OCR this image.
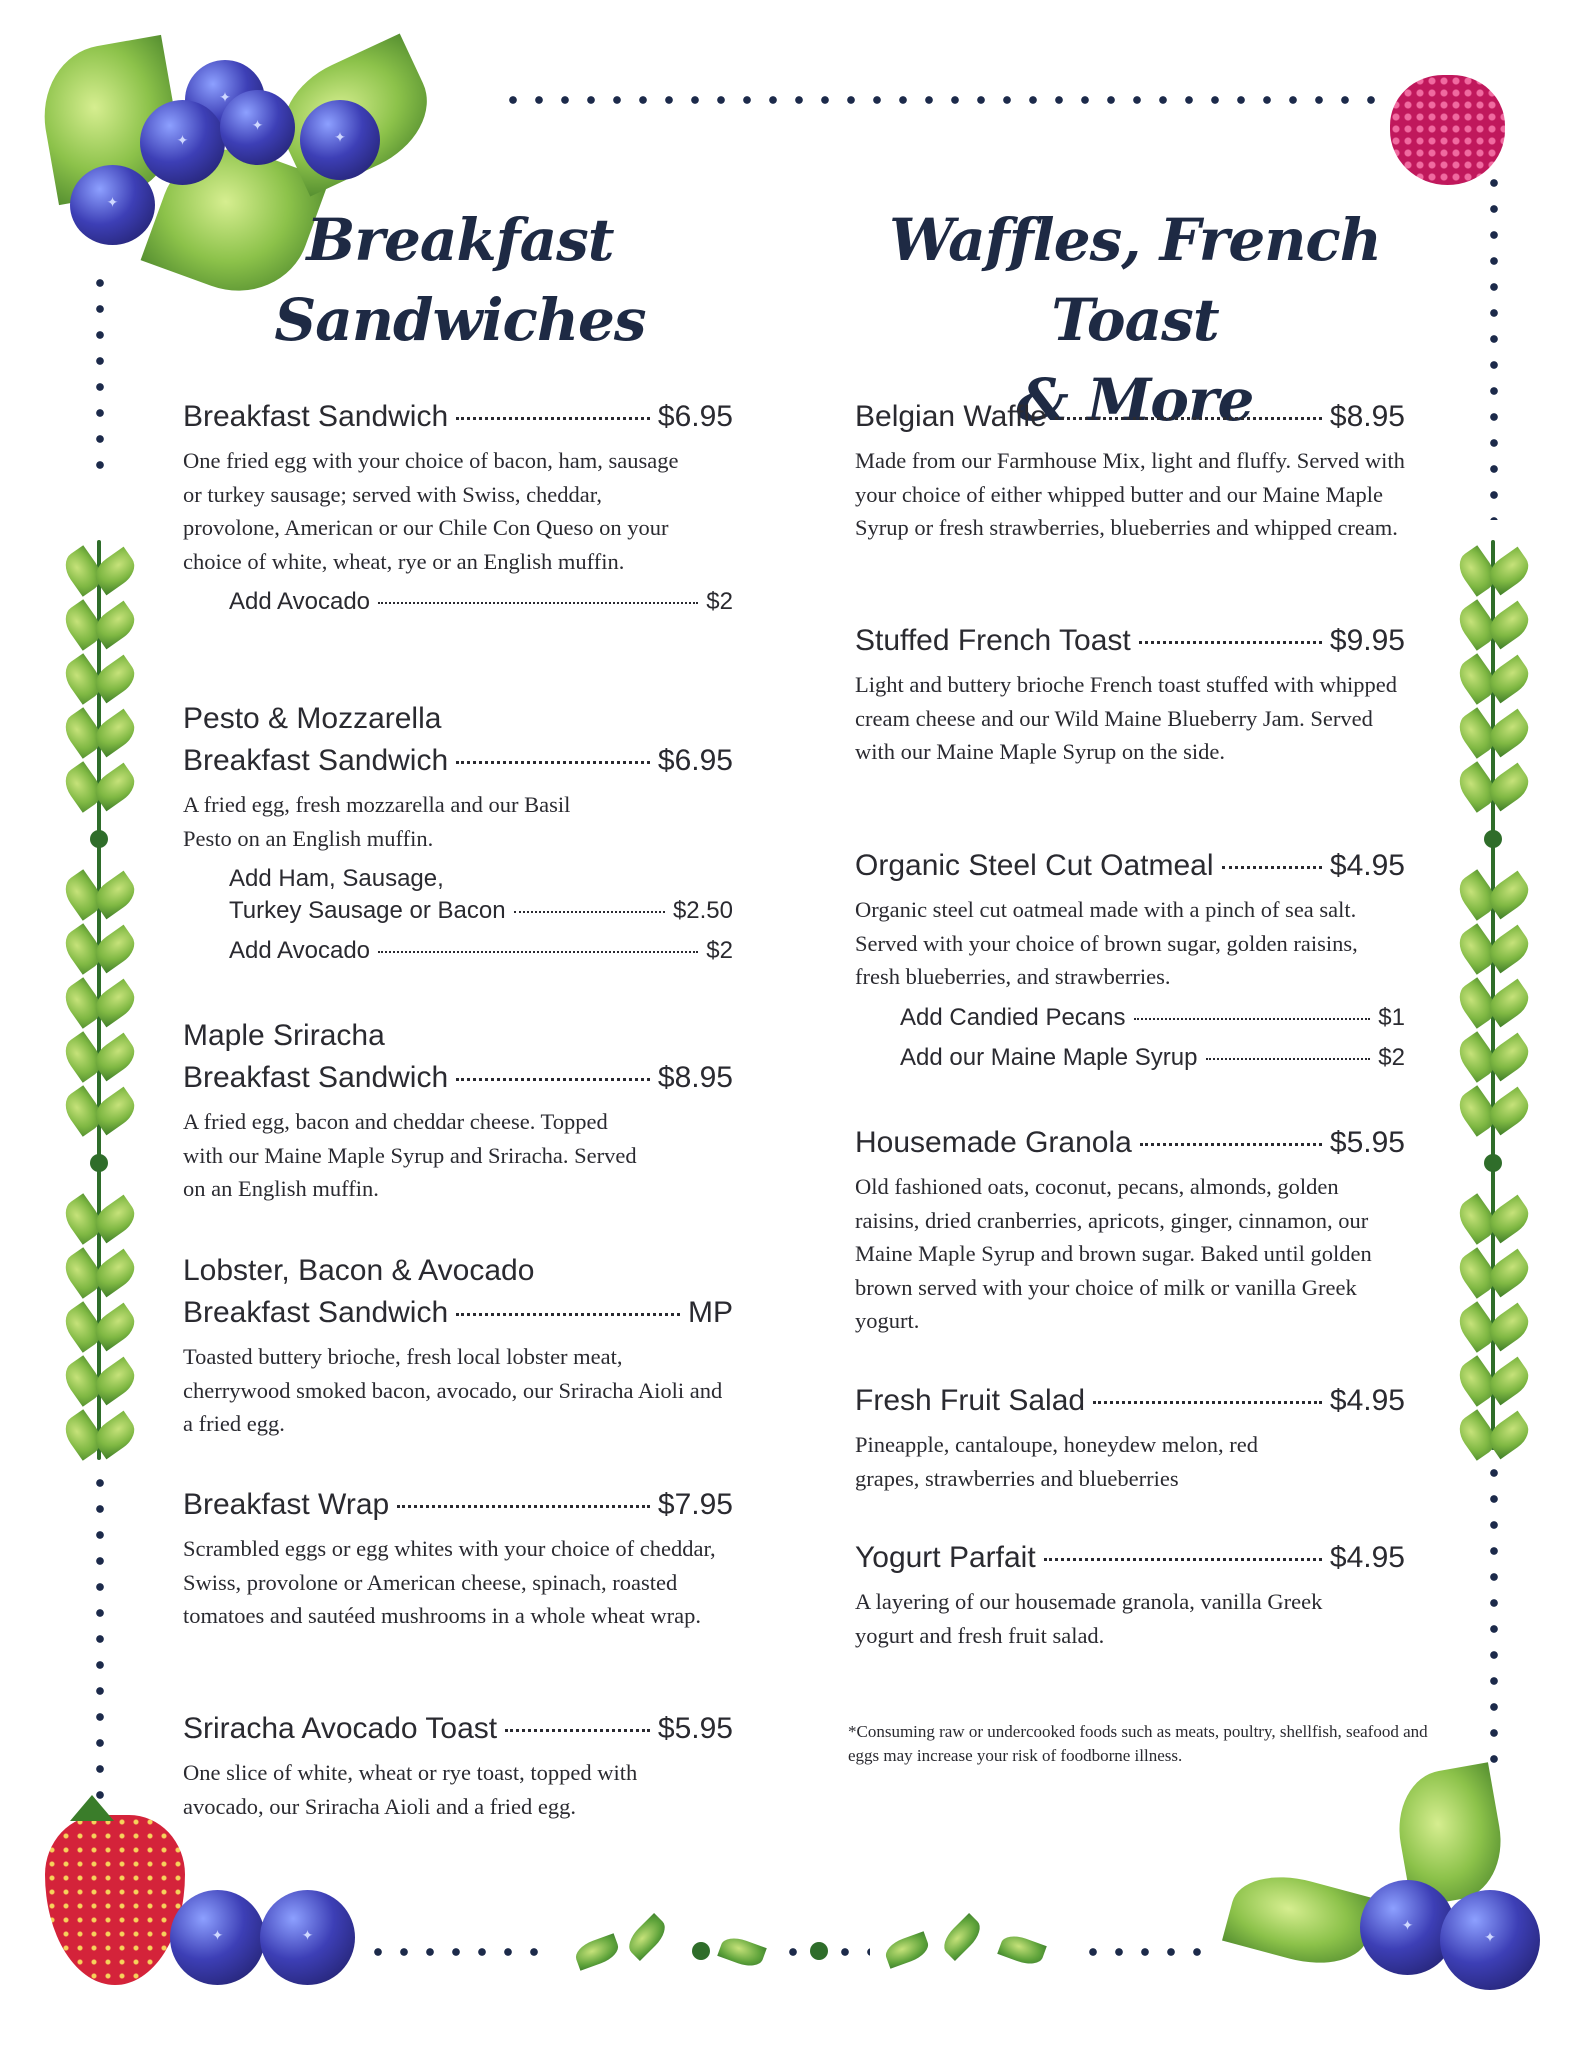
✦
✦
✦
✦
✦
✦
✦
✦
✦
Breakfast
Sandwiches
Breakfast Sandwich	$6.95
One fried egg with your choice of bacon, ham, sausage or turkey sausage; served with Swiss, cheddar, provolone, American or our Chile Con Queso on your choice of white, wheat, rye or an English muffin.
Add Avocado	$2
Pesto & Mozzarella
Breakfast Sandwich	$6.95
A fried egg, fresh mozzarella and our Basil Pesto on an English muffin.
Add Ham, Sausage,
Turkey Sausage or Bacon	$2.50
Add Avocado	$2
Maple Sriracha
Breakfast Sandwich	$8.95
A fried egg, bacon and cheddar cheese. Topped with our Maine Maple Syrup and Sriracha. Served on an English muffin.
Lobster, Bacon & Avocado
Breakfast Sandwich	MP
Toasted buttery brioche, fresh local lobster meat, cherrywood smoked bacon, avocado, our Sriracha Aioli and a fried egg.
Breakfast Wrap	$7.95
Scrambled eggs or egg whites with your choice of cheddar, Swiss, provolone or American cheese, spinach, roasted tomatoes and sautéed mushrooms in a whole wheat wrap.
Sriracha Avocado Toast	$5.95
One slice of white, wheat or rye toast, topped with avocado, our Sriracha Aioli and a fried egg.
Waffles, French Toast
& More
Belgian Waffle	$8.95
Made from our Farmhouse Mix, light and fluffy. Served with your choice of either whipped butter and our Maine Maple Syrup or fresh strawberries, blueberries and whipped cream.
Stuffed French Toast	$9.95
Light and buttery brioche French toast stuffed with whipped cream cheese and our Wild Maine Blueberry Jam. Served with our Maine Maple Syrup on the side.
Organic Steel Cut Oatmeal	$4.95
Organic steel cut oatmeal made with a pinch of sea salt. Served with your choice of brown sugar, golden raisins, fresh blueberries, and strawberries.
Add Candied Pecans	$1
Add our Maine Maple Syrup	$2
Housemade Granola	$5.95
Old fashioned oats, coconut, pecans, almonds, golden raisins, dried cranberries, apricots, ginger, cinnamon, our Maine Maple Syrup and brown sugar. Baked until golden brown served with your choice of milk or vanilla Greek yogurt.
Fresh Fruit Salad	$4.95
Pineapple, cantaloupe, honeydew melon, red grapes, strawberries and blueberries
Yogurt Parfait	$4.95
A layering of our housemade granola, vanilla Greek yogurt and fresh fruit salad.
*Consuming raw or undercooked foods such as meats, poultry, shellfish, seafood and eggs may increase your risk of foodborne illness.
